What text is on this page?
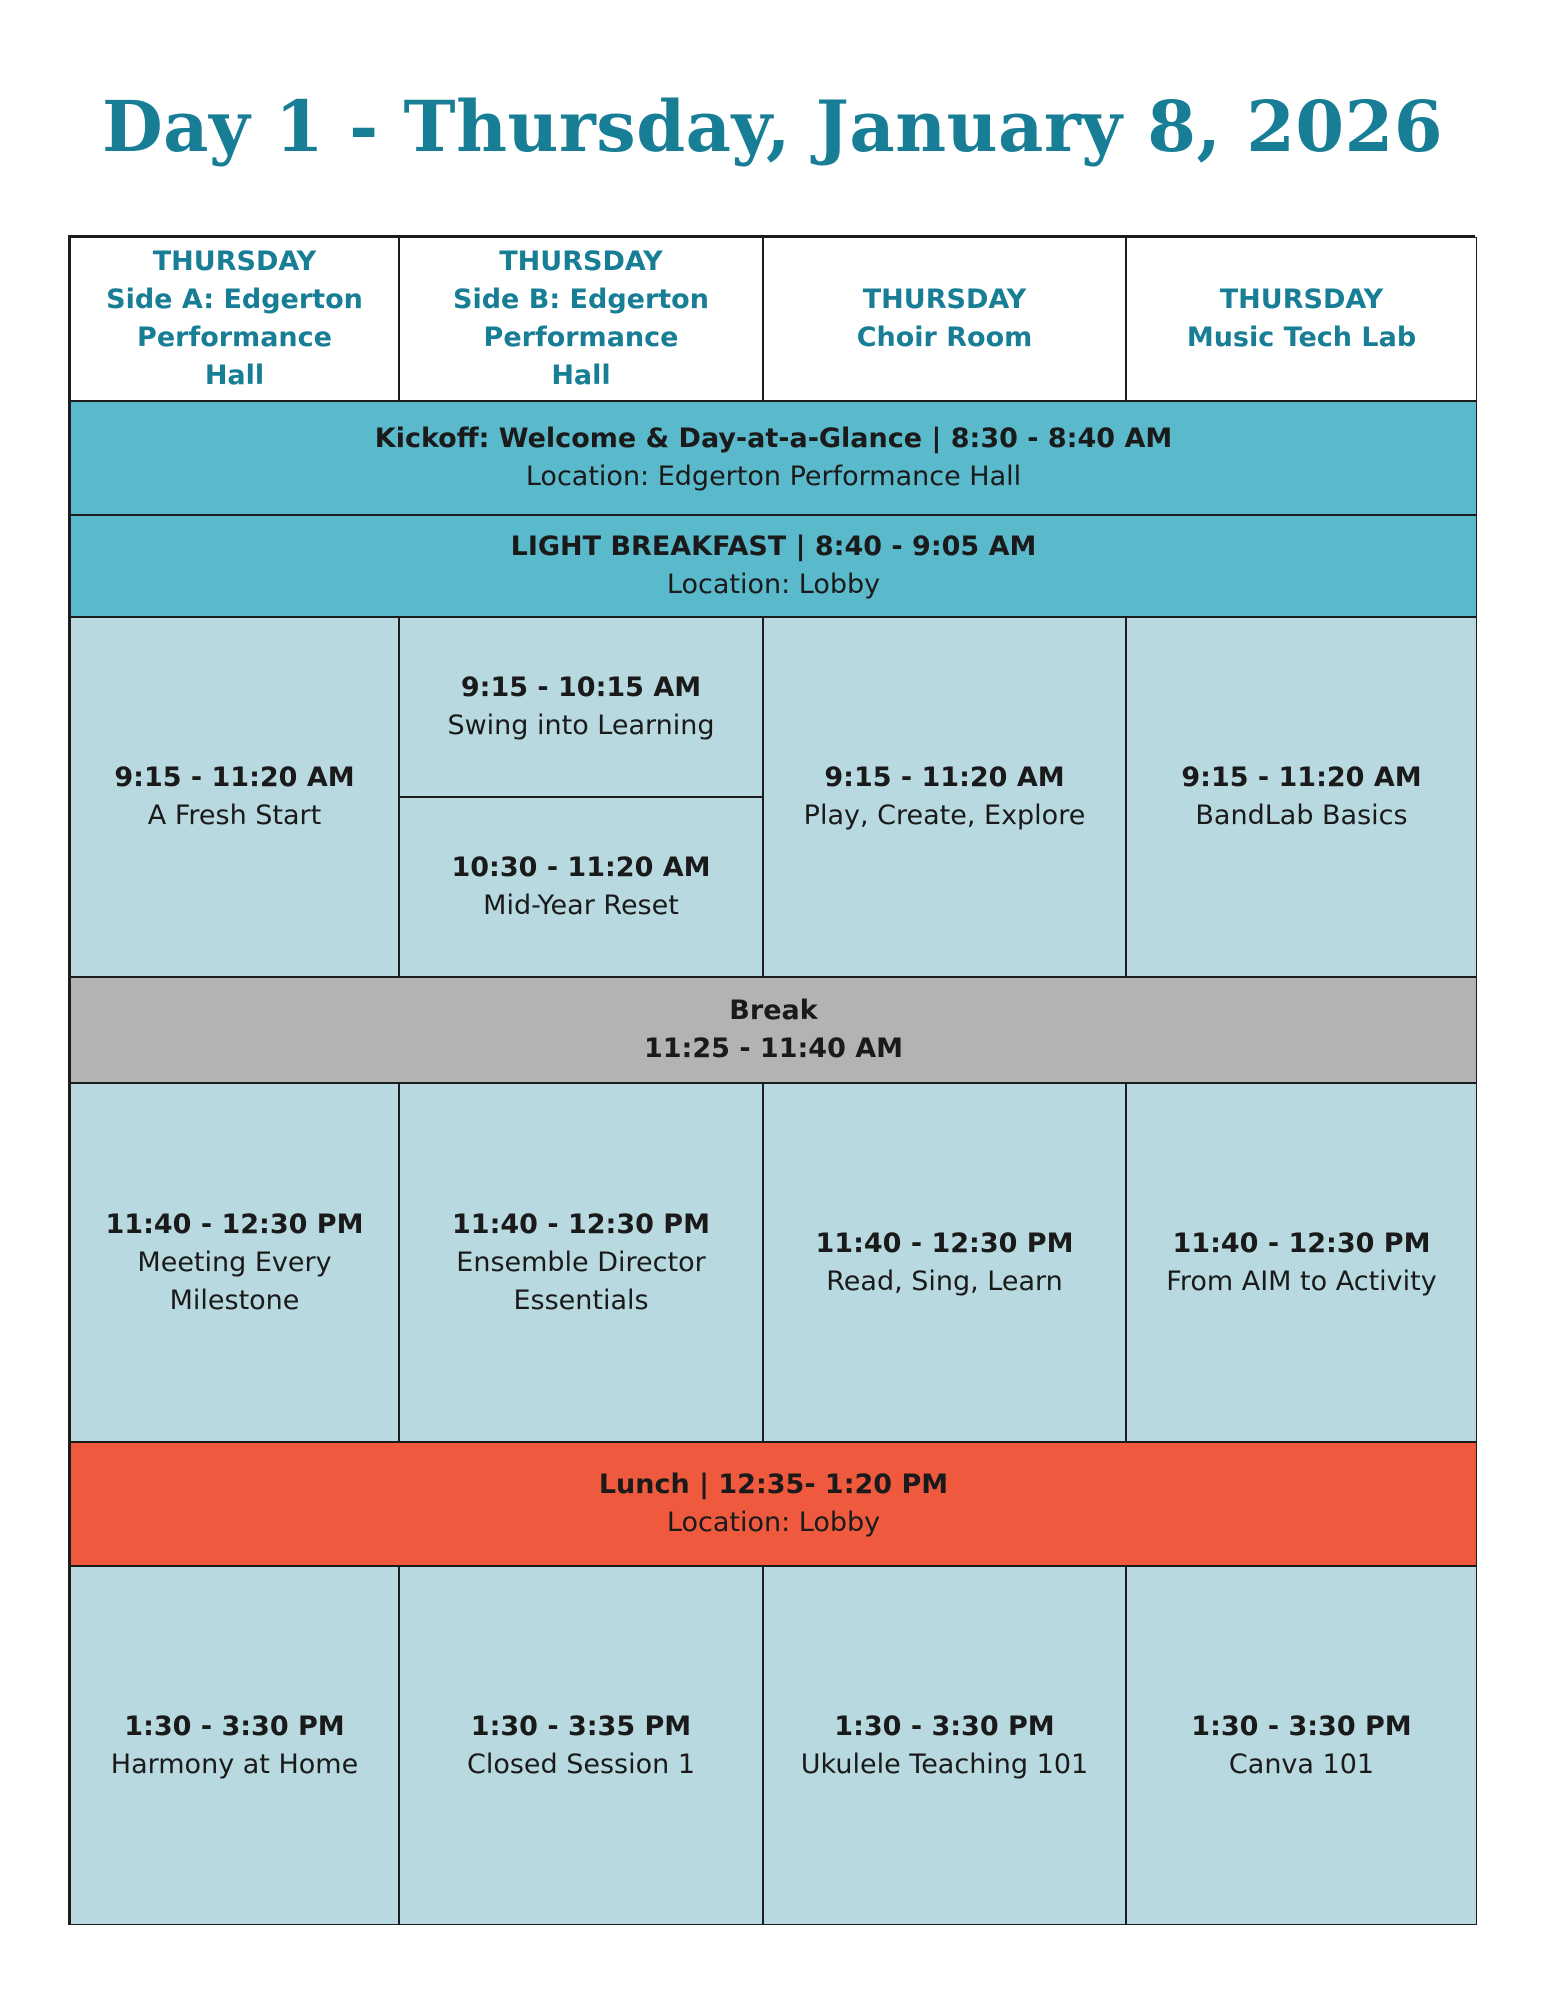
Day 1 - Thursday, January 8, 2026
THURSDAY
Side A: Edgerton Performance Hall
THURSDAY
Side B: Edgerton Performance Hall
THURSDAY
Choir Room
THURSDAY
Music Tech Lab
Kickoff: Welcome & Day-at-a-Glance | 8:30 - 8:40 AM
Location: Edgerton Performance Hall
LIGHT BREAKFAST | 8:40 - 9:05 AM
Location: Lobby
9:15 - 11:20 AM
A Fresh Start
9:15 - 10:15 AM
Swing into Learning
10:30 - 11:20 AM
Mid-Year Reset
9:15 - 11:20 AM
Play, Create, Explore
9:15 - 11:20 AM
BandLab Basics
Break
11:25 - 11:40 AM
11:40 - 12:30 PM
Meeting Every Milestone
11:40 - 12:30 PM
Ensemble Director Essentials
11:40 - 12:30 PM
Read, Sing, Learn
11:40 - 12:30 PM
From AIM to Activity
Lunch | 12:35- 1:20 PM
Location: Lobby
1:30 - 3:30 PM
Harmony at Home
1:30 - 3:35 PM
Closed Session 1
1:30 - 3:30 PM
Ukulele Teaching 101
1:30 - 3:30 PM
Canva 101
